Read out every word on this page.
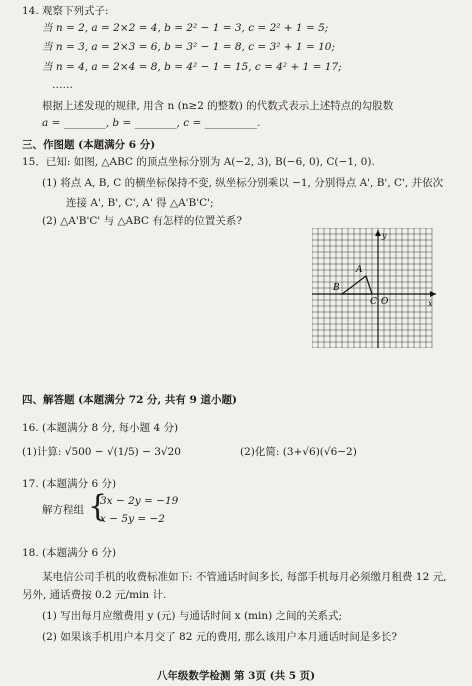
14. 观察下列式子:
当 n = 2, a = 2×2 = 4, b = 2² − 1 = 3, c = 2² + 1 = 5;
当 n = 3, a = 2×3 = 6, b = 3² − 1 = 8, c = 3² + 1 = 10;
当 n = 4, a = 2×4 = 8, b = 4² − 1 = 15, c = 4² + 1 = 17;
……
根据上述发现的规律, 用含 n (n≥2 的整数) 的代数式表示上述特点的勾股数
a = ________, b = ________, c = __________.
三、作图题 (本题满分 6 分)
15．已知: 如图, △ABC 的顶点坐标分别为 A(−2, 3), B(−6, 0), C(−1, 0).
(1) 将点 A, B, C 的横坐标保持不变, 纵坐标分别乘以 −1, 分别得点 A', B', C', 并依次
连接 A', B', C', A' 得 △A'B'C';
(2) △A'B'C' 与 △ABC 有怎样的位置关系?
A
B
C O	x
y
四、解答题 (本题满分 72 分, 共有 9 道小题)
16. (本题满分 8 分, 每小题 4 分)
(1)计算: √500 − √(1/5) − 3√20	(2)化简: (3+√6)(√6−2)
17. (本题满分 6 分)
解方程组 {
3x − 2y = −19
x − 5y = −2
18. (本题满分 6 分)
某电信公司手机的收费标准如下: 不管通话时间多长, 每部手机每月必须缴月租费 12 元,
另外, 通话费按 0.2 元/min 计.
(1) 写出每月应缴费用 y (元) 与通话时间 x (min) 之间的关系式;
(2) 如果该手机用户本月交了 82 元的费用, 那么该用户本月通话时间是多长?
八年级数学检测 第 3页 (共 5 页)
